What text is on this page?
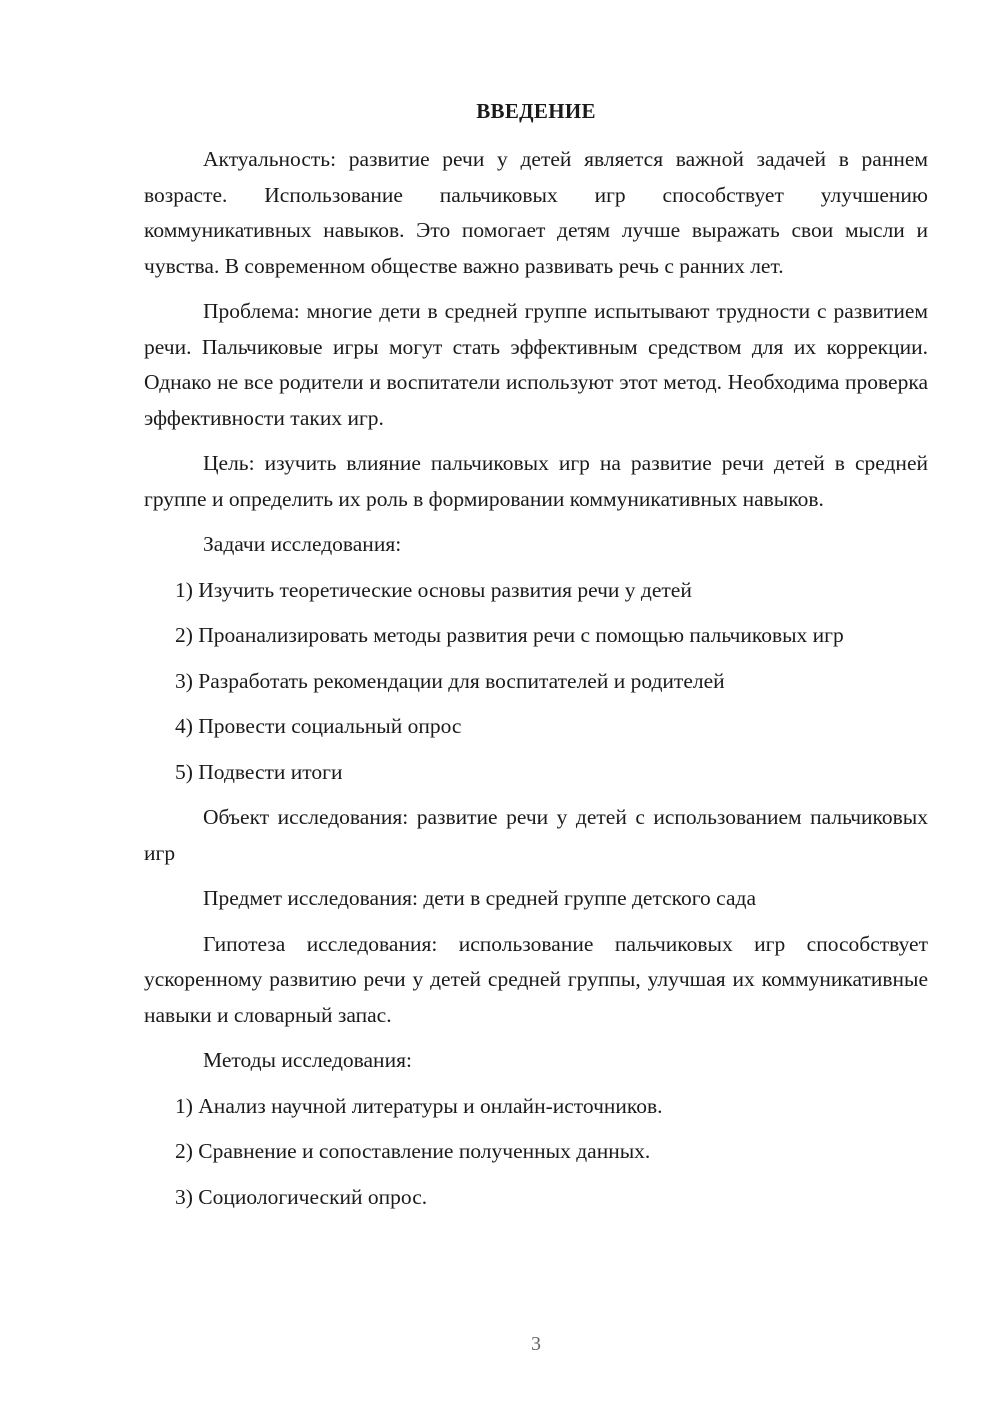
ВВЕДЕНИЕ

Актуальность: развитие речи у детей является важной задачей в раннем возрасте. Использование пальчиковых игр способствует улучшению коммуникативных навыков. Это помогает детям лучше выражать свои мысли и чувства. В современном обществе важно развивать речь с ранних лет.

Проблема: многие дети в средней группе испытывают трудности с развитием речи. Пальчиковые игры могут стать эффективным средством для их коррекции. Однако не все родители и воспитатели используют этот метод. Необходима проверка эффективности таких игр.

Цель: изучить влияние пальчиковых игр на развитие речи детей в средней группе и определить их роль в формировании коммуникативных навыков.

Задачи исследования:

1) Изучить теоретические основы развития речи у детей

2) Проанализировать методы развития речи с помощью пальчиковых игр

3) Разработать рекомендации для воспитателей и родителей

4) Провести социальный опрос

5) Подвести итоги

Объект исследования: развитие речи у детей с использованием пальчиковых игр

Предмет исследования: дети в средней группе детского сада

Гипотеза исследования: использование пальчиковых игр способствует ускоренному развитию речи у детей средней группы, улучшая их коммуникативные навыки и словарный запас.

Методы исследования:

1) Анализ научной литературы и онлайн-источников.

2) Сравнение и сопоставление полученных данных.

3) Социологический опрос.

3
